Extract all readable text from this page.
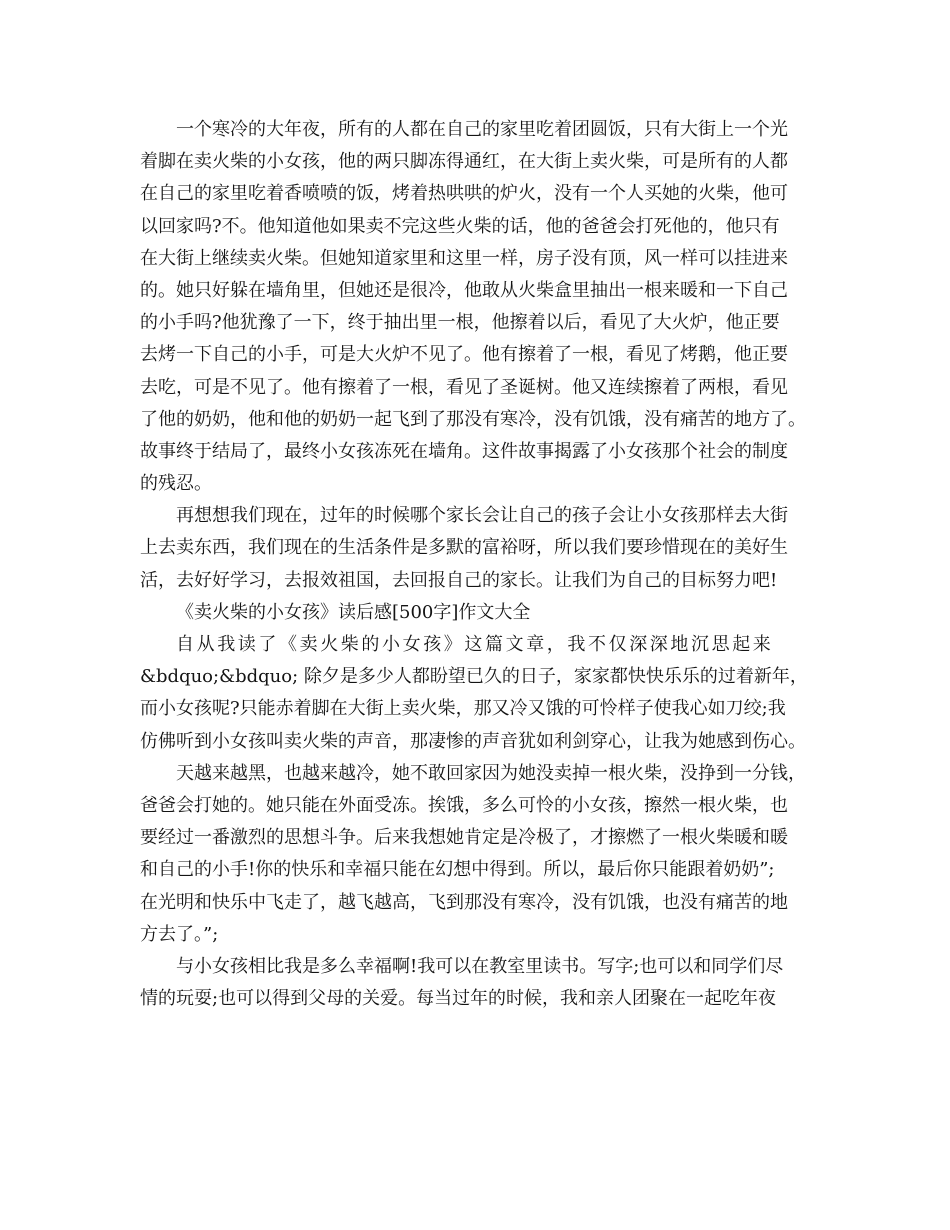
一个寒冷的大年夜，所有的人都在自己的家里吃着团圆饭，只有大街上一个光
着脚在卖火柴的小女孩，他的两只脚冻得通红，在大街上卖火柴，可是所有的人都
在自己的家里吃着香喷喷的饭，烤着热哄哄的炉火，没有一个人买她的火柴，他可
以回家吗?不。他知道他如果卖不完这些火柴的话，他的爸爸会打死他的，他只有
在大街上继续卖火柴。但她知道家里和这里一样，房子没有顶，风一样可以挂进来
的。她只好躲在墙角里，但她还是很冷，他敢从火柴盒里抽出一根来暖和一下自己
的小手吗?他犹豫了一下，终于抽出里一根，他擦着以后，看见了大火炉，他正要
去烤一下自己的小手，可是大火炉不见了。他有擦着了一根，看见了烤鹅，他正要
去吃，可是不见了。他有擦着了一根，看见了圣诞树。他又连续擦着了两根，看见
了他的奶奶，他和他的奶奶一起飞到了那没有寒冷，没有饥饿，没有痛苦的地方了。
故事终于结局了，最终小女孩冻死在墙角。这件故事揭露了小女孩那个社会的制度
的残忍。
再想想我们现在，过年的时候哪个家长会让自己的孩子会让小女孩那样去大街
上去卖东西，我们现在的生活条件是多默的富裕呀，所以我们要珍惜现在的美好生
活，去好好学习，去报效祖国，去回报自己的家长。让我们为自己的目标努力吧!
《卖火柴的小女孩》读后感[500字]作文大全
自从我读了《卖火柴的小女孩》这篇文章，我不仅深深地沉思起来
&bdquo;&bdquo; 除夕是多少人都盼望已久的日子，家家都快快乐乐的过着新年，
而小女孩呢?只能赤着脚在大街上卖火柴，那又冷又饿的可怜样子使我心如刀绞;我
仿佛听到小女孩叫卖火柴的声音，那凄惨的声音犹如利剑穿心，让我为她感到伤心。
天越来越黑，也越来越冷，她不敢回家因为她没卖掉一根火柴，没挣到一分钱，
爸爸会打她的。她只能在外面受冻。挨饿，多么可怜的小女孩，擦然一根火柴，也
要经过一番激烈的思想斗争。后来我想她肯定是冷极了，才擦燃了一根火柴暖和暖
和自己的小手!你的快乐和幸福只能在幻想中得到。所以，最后你只能跟着奶奶”;
在光明和快乐中飞走了，越飞越高，飞到那没有寒冷，没有饥饿，也没有痛苦的地
方去了。”;
与小女孩相比我是多么幸福啊!我可以在教室里读书。写字;也可以和同学们尽
情的玩耍;也可以得到父母的关爱。每当过年的时候，我和亲人团聚在一起吃年夜
